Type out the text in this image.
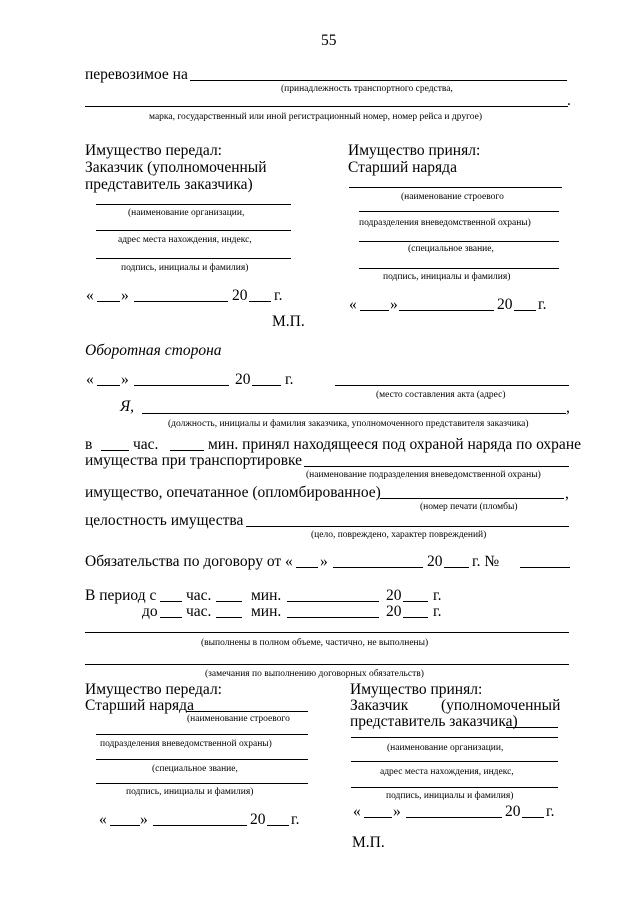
55
перевозимое на
(принадлежность транспортного средства,
.
марка, государственный или иной регистрационный номер, номер рейса и другое)
Имущество передал:
Заказчик (уполномоченный
представитель заказчика)
(наименование организации,
адрес места нахождения, индекс,
подпись, инициалы и фамилия)
« »	20 г.
М.П.
Имущество принял:
Старший наряда
(наименование строевого
подразделения вневедомственной охраны)
(специальное звание,
подпись, инициалы и фамилия)
« »	20 г.
Оборотная сторона
« »	20 г.
(место составления акта (адрес)
Я,	,
(должность, инициалы и фамилия заказчика, уполномоченного представителя заказчика)
в	час.	мин. принял находящееся под охраной наряда по охране
имущества при транспортировке
(наименование подразделения вневедомственной охраны)
имущество, опечатанное (опломбированное)	,
(номер печати (пломбы)
целостность имущества
(цело, повреждено, характер повреждений)
Обязательства по договору от « »	20 г. №
В период с час.	мин.	20 г.
до час.	мин.	20 г.
(выполнены в полном объеме, частично, не выполнены)
(замечания по выполнению договорных обязательств)
Имущество передал:
Старший наряда
(наименование строевого
подразделения вневедомственной охраны)
(специальное звание,
подпись, инициалы и фамилия)
« »	20 г.
Имущество принял:
Заказчик (уполномоченный
представитель заказчика)
(наименование организации,
адрес места нахождения, индекс,
подпись, инициалы и фамилия)
« »	20 г.
М.П.
